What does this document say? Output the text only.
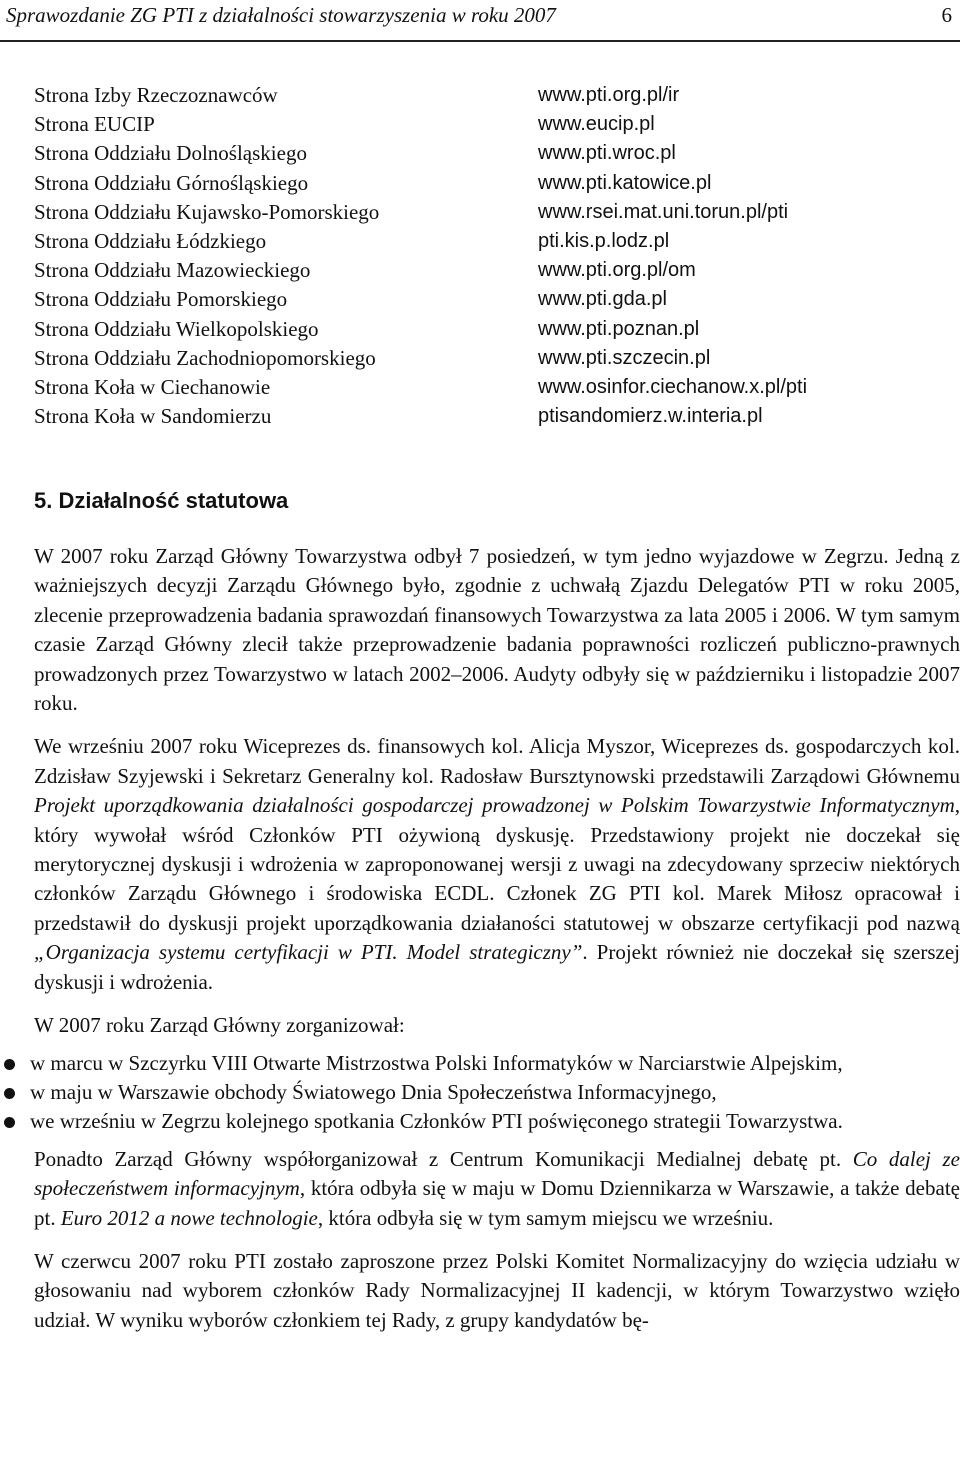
Sprawozdanie ZG PTI z działalności stowarzyszenia w roku 2007	6
Strona Izby Rzeczoznawców	www.pti.org.pl/ir
Strona EUCIP	www.eucip.pl
Strona Oddziału Dolnośląskiego	www.pti.wroc.pl
Strona Oddziału Górnośląskiego	www.pti.katowice.pl
Strona Oddziału Kujawsko-Pomorskiego	www.rsei.mat.uni.torun.pl/pti
Strona Oddziału Łódzkiego	pti.kis.p.lodz.pl
Strona Oddziału Mazowieckiego	www.pti.org.pl/om
Strona Oddziału Pomorskiego	www.pti.gda.pl
Strona Oddziału Wielkopolskiego	www.pti.poznan.pl
Strona Oddziału Zachodniopomorskiego	www.pti.szczecin.pl
Strona Koła w Ciechanowie	www.osinfor.ciechanow.x.pl/pti
Strona Koła w Sandomierzu	ptisandomierz.w.interia.pl
5. Działalność statutowa

W 2007 roku Zarząd Główny Towarzystwa odbył 7 posiedzeń, w tym jedno wyjazdowe w Zegrzu. Jedną z ważniejszych decyzji Zarządu Głównego było, zgodnie z uchwałą Zjazdu Delegatów PTI w roku 2005, zlecenie przeprowadzenia badania sprawozdań finansowych Towarzystwa za lata 2005 i 2006. W tym samym czasie Zarząd Główny zlecił także przeprowadzenie badania poprawności rozliczeń publiczno-prawnych prowadzonych przez Towarzystwo w latach 2002–2006. Audyty odbyły się w październiku i listopadzie 2007 roku.

We wrześniu 2007 roku Wiceprezes ds. finansowych kol. Alicja Myszor, Wiceprezes ds. gospodarczych kol. Zdzisław Szyjewski i Sekretarz Generalny kol. Radosław Bursztynowski przedstawili Zarządowi Głównemu Projekt uporządkowania działalności gospodarczej prowadzonej w Polskim Towarzystwie Informatycznym, który wywołał wśród Członków PTI ożywioną dyskusję. Przedstawiony projekt nie doczekał się merytorycznej dyskusji i wdrożenia w zaproponowanej wersji z uwagi na zdecydowany sprzeciw niektórych członków Zarządu Głównego i środowiska ECDL. Członek ZG PTI kol. Marek Miłosz opracował i przedstawił do dyskusji projekt uporządkowania działaności statutowej w obszarze certyfikacji pod nazwą „Organizacja systemu certyfikacji w PTI. Model strategiczny”. Projekt również nie doczekał się szerszej dyskusji i wdrożenia.

W 2007 roku Zarząd Główny zorganizował:

w marcu w Szczyrku VIII Otwarte Mistrzostwa Polski Informatyków w Narciarstwie Alpejskim,
w maju w Warszawie obchody Światowego Dnia Społeczeństwa Informacyjnego,
we wrześniu w Zegrzu kolejnego spotkania Członków PTI poświęconego strategii Towarzystwa.

Ponadto Zarząd Główny współorganizował z Centrum Komunikacji Medialnej debatę pt. Co dalej ze społeczeństwem informacyjnym, która odbyła się w maju w Domu Dziennikarza w Warszawie, a także debatę pt. Euro 2012 a nowe technologie, która odbyła się w tym samym miejscu we wrześniu.

W czerwcu 2007 roku PTI zostało zaproszone przez Polski Komitet Normalizacyjny do wzięcia udziału w głosowaniu nad wyborem członków Rady Normalizacyjnej II kadencji, w którym Towarzystwo wzięło udział. W wyniku wyborów członkiem tej Rady, z grupy kandydatów bę-
